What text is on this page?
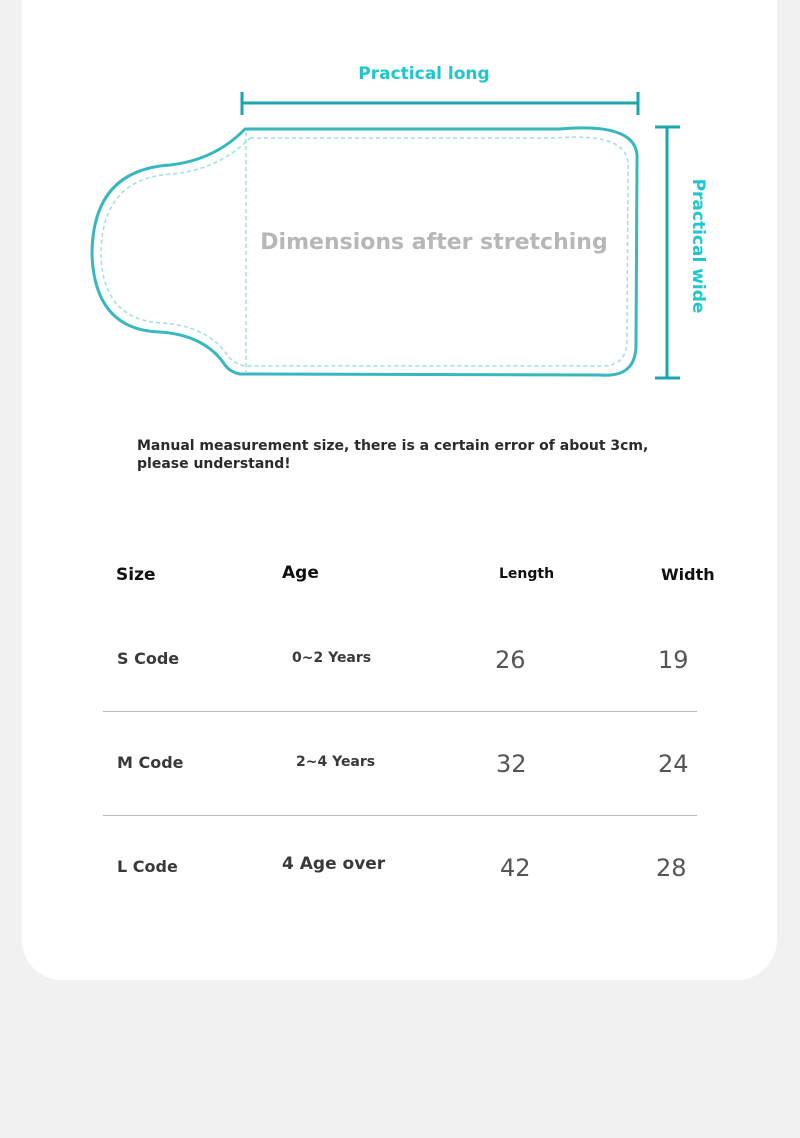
Practical long
Practical wide
Dimensions after stretching
Manual measurement size, there is a certain error of about 3cm, please understand!
Size	Age	Length	Width
S Code	0~2 Years	26	19
M Code	2~4 Years	32	24
L Code	4 Age over	42	28
